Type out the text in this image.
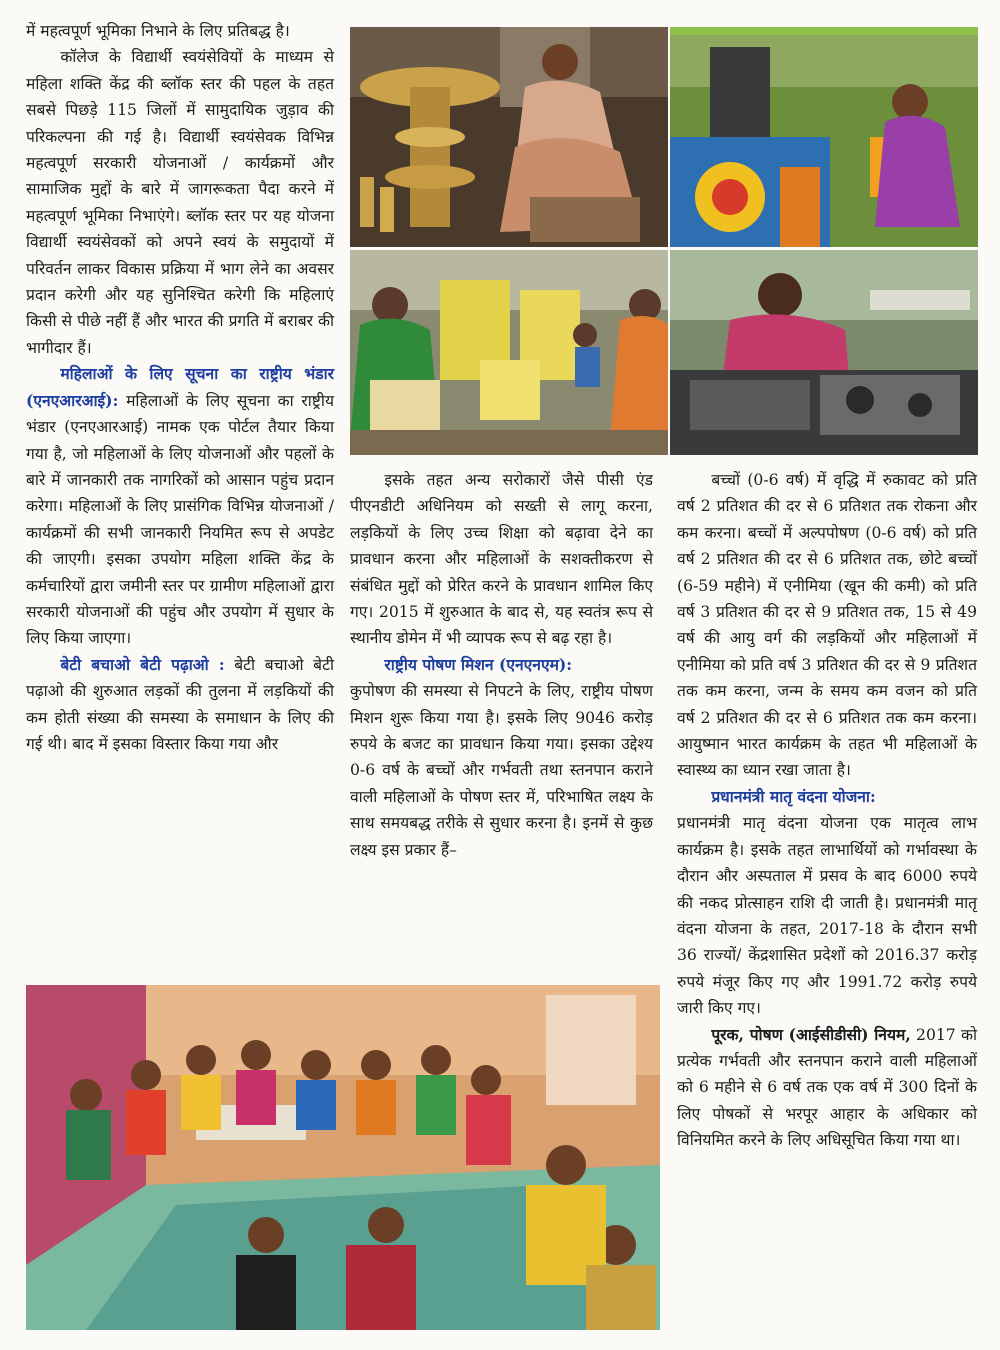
में महत्वपूर्ण भूमिका निभाने के लिए प्रतिबद्ध है।

कॉलेज के विद्यार्थी स्वयंसेवियों के माध्यम से महिला शक्ति केंद्र की ब्लॉक स्तर की पहल के तहत सबसे पिछड़े 115 जिलों में सामुदायिक जुड़ाव की परिकल्पना की गई है। विद्यार्थी स्वयंसेवक विभिन्न महत्वपूर्ण सरकारी योजनाओं / कार्यक्रमों और सामाजिक मुद्दों के बारे में जागरूकता पैदा करने में महत्वपूर्ण भूमिका निभाएंगे। ब्लॉक स्तर पर यह योजना विद्यार्थी स्वयंसेवकों को अपने स्वयं के समुदायों में परिवर्तन लाकर विकास प्रक्रिया में भाग लेने का अवसर प्रदान करेगी और यह सुनिश्चित करेगी कि महिलाएं किसी से पीछे नहीं हैं और भारत की प्रगति में बराबर की भागीदार हैं।

महिलाओं के लिए सूचना का राष्ट्रीय भंडार (एनएआरआई): महिलाओं के लिए सूचना का राष्ट्रीय भंडार (एनएआरआई) नामक एक पोर्टल तैयार किया गया है, जो महिलाओं के लिए योजनाओं और पहलों के बारे में जानकारी तक नागरिकों को आसान पहुंच प्रदान करेगा। महिलाओं के लिए प्रासंगिक विभिन्न योजनाओं / कार्यक्रमों की सभी जानकारी नियमित रूप से अपडेट की जाएगी। इसका उपयोग महिला शक्ति केंद्र के कर्मचारियों द्वारा जमीनी स्तर पर ग्रामीण महिलाओं द्वारा सरकारी योजनाओं की पहुंच और उपयोग में सुधार के लिए किया जाएगा।

बेटी बचाओ बेटी पढ़ाओ : बेटी बचाओ बेटी पढ़ाओ की शुरुआत लड़कों की तुलना में लड़कियों की कम होती संख्या की समस्या के समाधान के लिए की गई थी। बाद में इसका विस्तार किया गया और

इसके तहत अन्य सरोकारों जैसे पीसी एंड पीएनडीटी अधिनियम को सख्ती से लागू करना, लड़कियों के लिए उच्च शिक्षा को बढ़ावा देने का प्रावधान करना और महिलाओं के सशक्तीकरण से संबंधित मुद्दों को प्रेरित करने के प्रावधान शामिल किए गए। 2015 में शुरुआत के बाद से, यह स्वतंत्र रूप से स्थानीय डोमेन में भी व्यापक रूप से बढ़ रहा है।

राष्ट्रीय पोषण मिशन (एनएनएम):

कुपोषण की समस्या से निपटने के लिए, राष्ट्रीय पोषण मिशन शुरू किया गया है। इसके लिए 9046 करोड़ रुपये के बजट का प्रावधान किया गया। इसका उद्देश्य 0-6 वर्ष के बच्चों और गर्भवती तथा स्तनपान कराने वाली महिलाओं के पोषण स्तर में, परिभाषित लक्ष्य के साथ समयबद्ध तरीके से सुधार करना है। इनमें से कुछ लक्ष्य इस प्रकार हैं–

बच्चों (0-6 वर्ष) में वृद्धि में रुकावट को प्रति वर्ष 2 प्रतिशत की दर से 6 प्रतिशत तक रोकना और कम करना। बच्चों में अल्पपोषण (0-6 वर्ष) को प्रति वर्ष 2 प्रतिशत की दर से 6 प्रतिशत तक, छोटे बच्चों (6-59 महीने) में एनीमिया (खून की कमी) को प्रति वर्ष 3 प्रतिशत की दर से 9 प्रतिशत तक, 15 से 49 वर्ष की आयु वर्ग की लड़कियों और महिलाओं में एनीमिया को प्रति वर्ष 3 प्रतिशत की दर से 9 प्रतिशत तक कम करना, जन्म के समय कम वजन को प्रति वर्ष 2 प्रतिशत की दर से 6 प्रतिशत तक कम करना। आयुष्मान भारत कार्यक्रम के तहत भी महिलाओं के स्वास्थ्य का ध्यान रखा जाता है।

प्रधानमंत्री मातृ वंदना योजना:

प्रधानमंत्री मातृ वंदना योजना एक मातृत्व लाभ कार्यक्रम है। इसके तहत लाभार्थियों को गर्भावस्था के दौरान और अस्पताल में प्रसव के बाद 6000 रुपये की नकद प्रोत्साहन राशि दी जाती है। प्रधानमंत्री मातृ वंदना योजना के तहत, 2017-18 के दौरान सभी 36 राज्यों/ केंद्रशासित प्रदेशों को 2016.37 करोड़ रुपये मंजूर किए गए और 1991.72 करोड़ रुपये जारी किए गए।

पूरक, पोषण (आईसीडीसी) नियम, 2017 को प्रत्येक गर्भवती और स्तनपान कराने वाली महिलाओं को 6 महीने से 6 वर्ष तक एक वर्ष में 300 दिनों के लिए पोषकों से भरपूर आहार के अधिकार को विनियमित करने के लिए अधिसूचित किया गया था।
